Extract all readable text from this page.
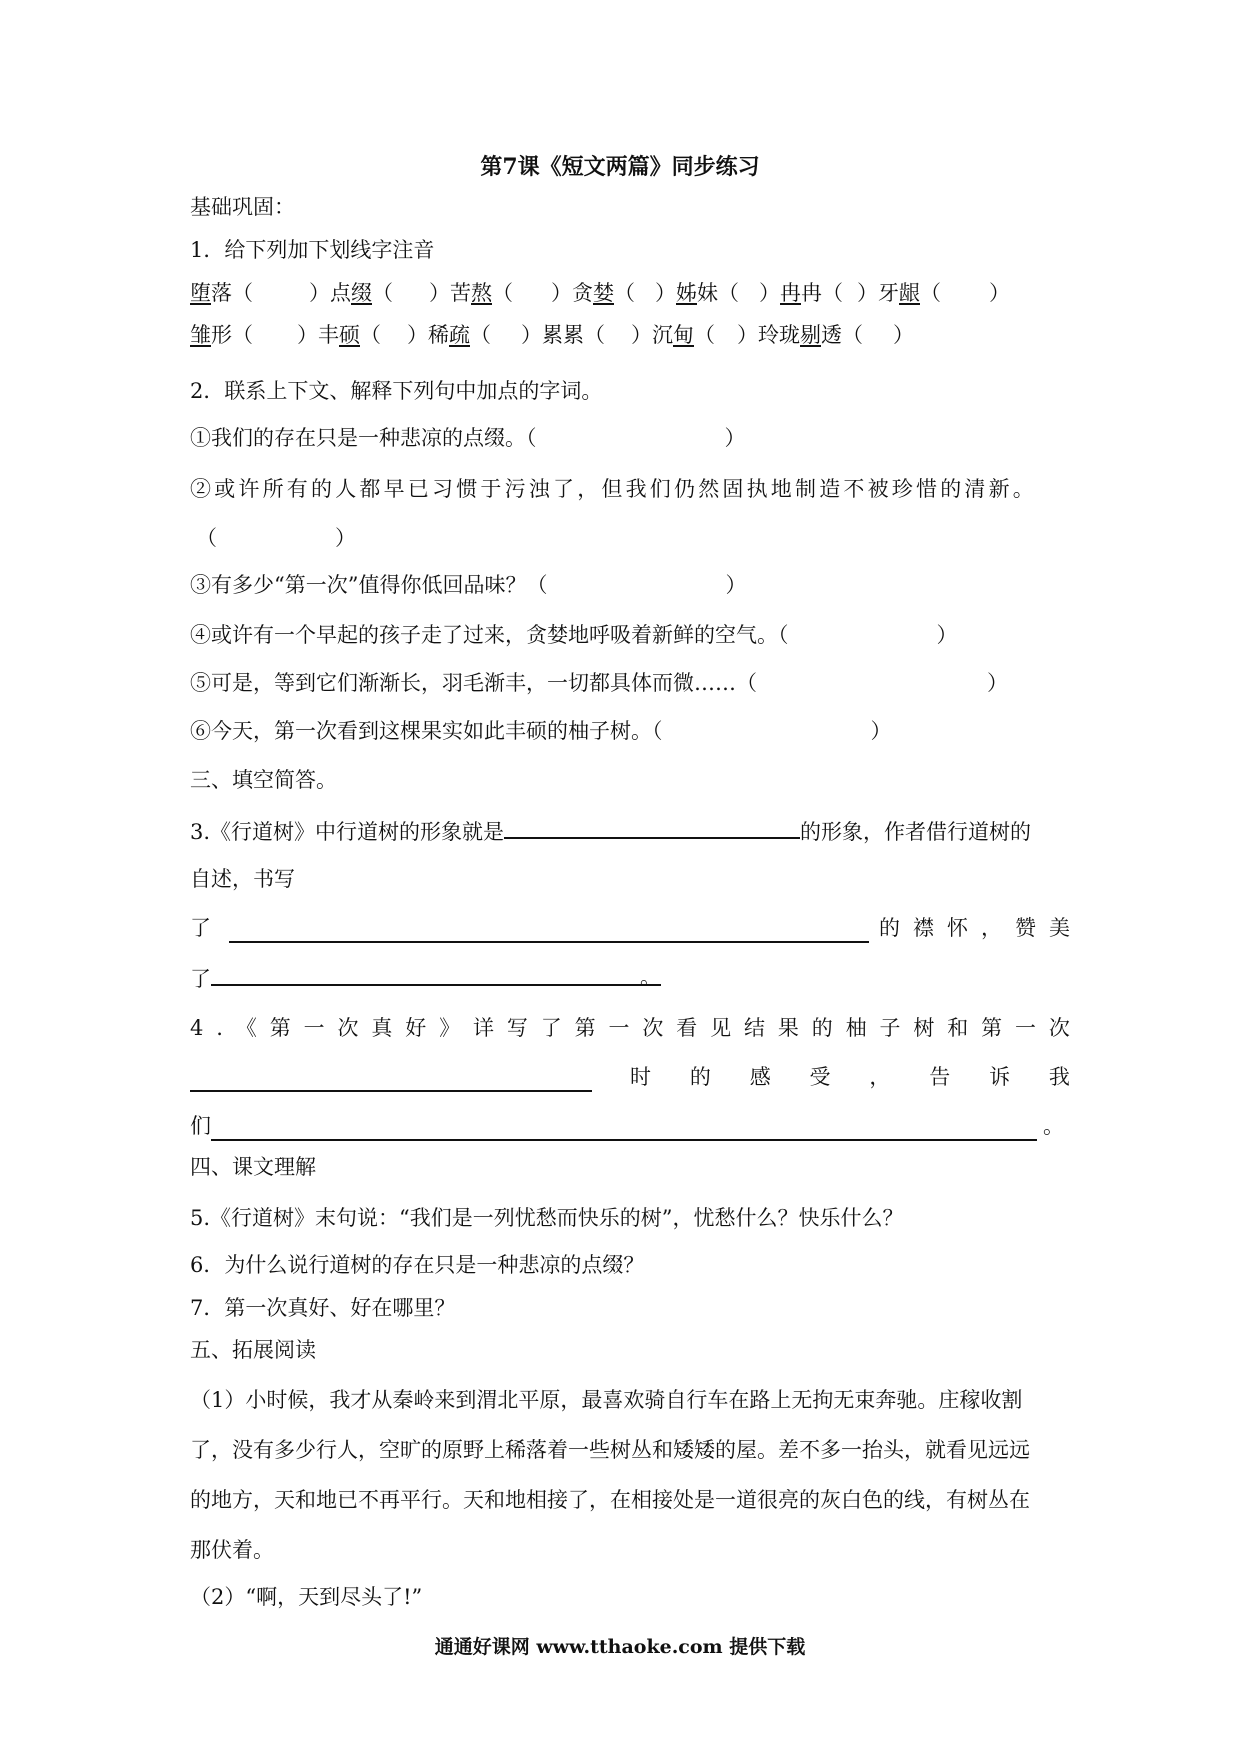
第7课《短文两篇》同步练习
基础巩固：
1．给下列加下划线字注音
堕落（	）点缀（ ）苦熬（ ）贪婪（ ）姊妹（ ）冉冉（ ）牙龈（ ）
雏形（ ）丰硕（ ）稀疏（ ）累累（ ）沉甸（ ）玲珑剔透（ ）
2．联系上下文、解释下列句中加点的字词。
①我们的存在只是一种悲凉的点缀。（	）
②或许所有的人都早已习惯于污浊了，但我们仍然固执地制造不被珍惜的清新。
（	）
③有多少“第一次”值得你低回品味？（	）
④或许有一个早起的孩子走了过来，贪婪地呼吸着新鲜的空气。（	）
⑤可是，等到它们渐渐长，羽毛渐丰，一切都具体而微……（	）
⑥今天，第一次看到这棵果实如此丰硕的柚子树。（	）
三、填空简答。
3.《行道树》中行道树的形象就是	的形象，作者借行道树的
自述，书写
了	的 襟 怀 ， 赞 美
了	。
4 . 《 第 一 次 真 好 》 详 写 了 第 一 次 看 见 结 果 的 柚 子 树 和 第 一 次
时 的 感 受 ， 告 诉 我
们	。
四、课文理解
5.《行道树》末句说：“我们是一列忧愁而快乐的树”，忧愁什么？快乐什么？
6．为什么说行道树的存在只是一种悲凉的点缀？
7．第一次真好、好在哪里？
五、拓展阅读
（1）小时候，我才从秦岭来到渭北平原，最喜欢骑自行车在路上无拘无束奔驰。庄稼收割
了，没有多少行人，空旷的原野上稀落着一些树丛和矮矮的屋。差不多一抬头，就看见远远
的地方，天和地已不再平行。天和地相接了，在相接处是一道很亮的灰白色的线，有树丛在
那伏着。
（2）“啊，天到尽头了!”
通通好课网 www.tthaoke.com 提供下载
